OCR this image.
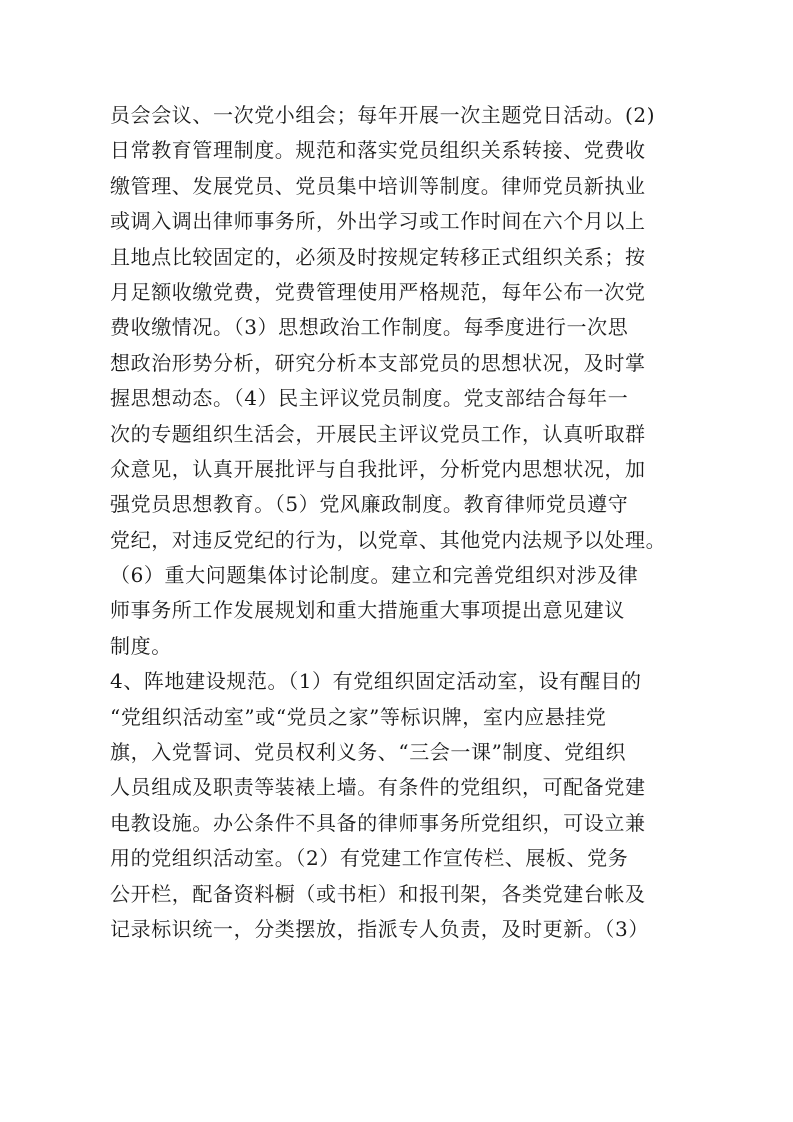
员会会议、一次党小组会；每年开展一次主题党日活动。(2)
日常教育管理制度。规范和落实党员组织关系转接、党费收
缴管理、发展党员、党员集中培训等制度。律师党员新执业
或调入调出律师事务所，外出学习或工作时间在六个月以上
且地点比较固定的，必须及时按规定转移正式组织关系；按
月足额收缴党费，党费管理使用严格规范，每年公布一次党
费收缴情况。（3）思想政治工作制度。每季度进行一次思
想政治形势分析，研究分析本支部党员的思想状况，及时掌
握思想动态。（4）民主评议党员制度。党支部结合每年一
次的专题组织生活会，开展民主评议党员工作，认真听取群
众意见，认真开展批评与自我批评，分析党内思想状况，加
强党员思想教育。（5）党风廉政制度。教育律师党员遵守
党纪，对违反党纪的行为，以党章、其他党内法规予以处理。
（6）重大问题集体讨论制度。建立和完善党组织对涉及律
师事务所工作发展规划和重大措施重大事项提出意见建议
制度。
4、阵地建设规范。（1）有党组织固定活动室，设有醒目的
“党组织活动室”或“党员之家”等标识牌，室内应悬挂党
旗，入党誓词、党员权利义务、“三会一课”制度、党组织
人员组成及职责等装裱上墙。有条件的党组织，可配备党建
电教设施。办公条件不具备的律师事务所党组织，可设立兼
用的党组织活动室。（2）有党建工作宣传栏、展板、党务
公开栏，配备资料橱（或书柜）和报刊架，各类党建台帐及
记录标识统一，分类摆放，指派专人负责，及时更新。（3）
